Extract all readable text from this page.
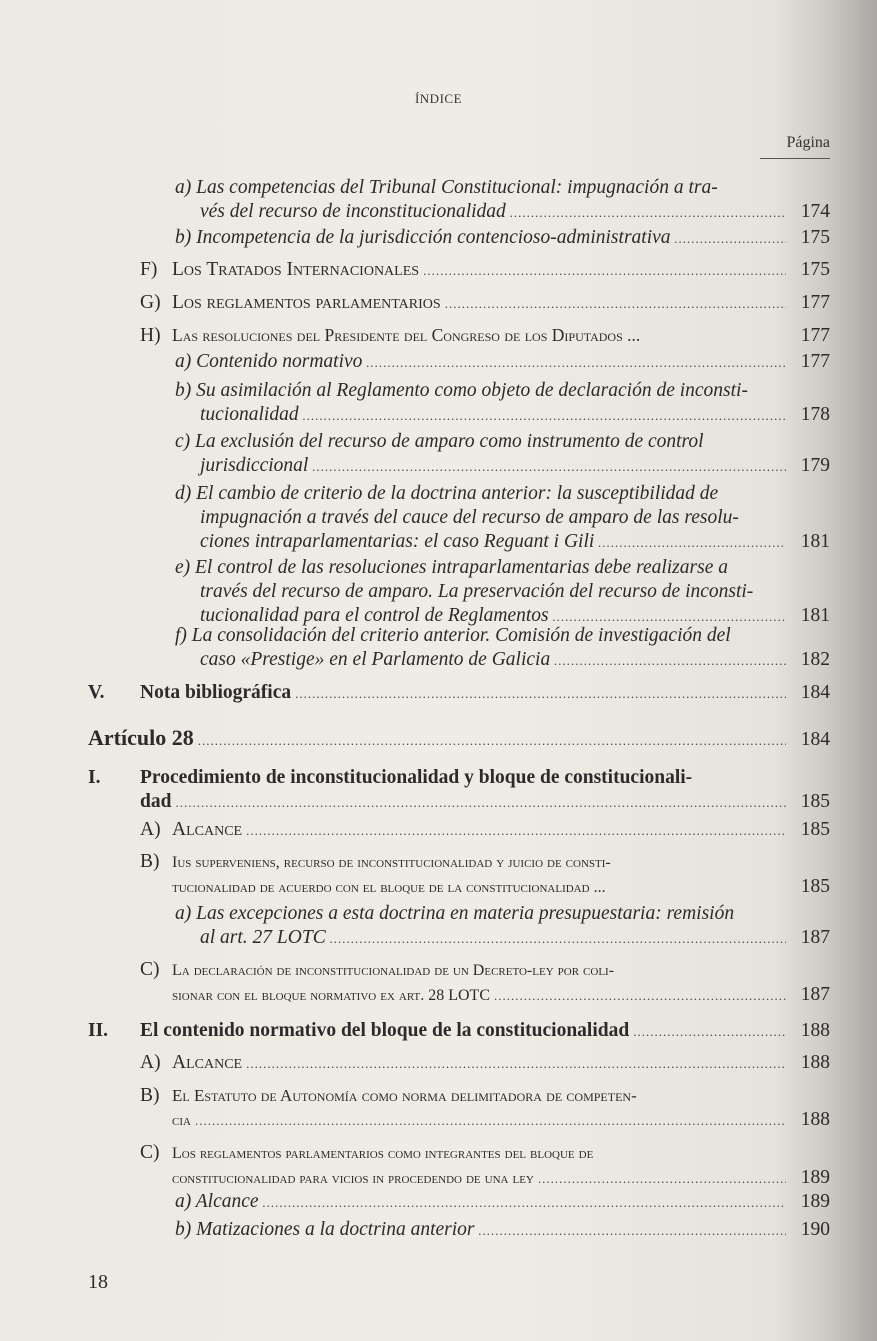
ÍNDICE
Página
a) Las competencias del Tribunal Constitucional: impugnación a tra-
vés del recurso de inconstitucionalidad .....	174
b) Incompetencia de la jurisdicción contencioso-administrativa .....	175
F) Los Tratados Internacionales .....	175
G) Los reglamentos parlamentarios .....	177
H) Las resoluciones del Presidente del Congreso de los Diputados ...	177
a) Contenido normativo .....	177
b) Su asimilación al Reglamento como objeto de declaración de inconsti-
tucionalidad .....	178
c) La exclusión del recurso de amparo como instrumento de control
jurisdiccional .....	179
d) El cambio de criterio de la doctrina anterior: la susceptibilidad de
impugnación a través del cauce del recurso de amparo de las resolu-
ciones intraparlamentarias: el caso Reguant i Gili .....	181
e) El control de las resoluciones intraparlamentarias debe realizarse a
través del recurso de amparo. La preservación del recurso de inconsti-
tucionalidad para el control de Reglamentos .....	181
f) La consolidación del criterio anterior. Comisión de investigación del
caso «Prestige» en el Parlamento de Galicia .....	182
V.	Nota bibliográfica .....	184
Artículo 28 .....	184
I.	Procedimiento de inconstitucionalidad y bloque de constitucionali-
dad .....	185
A) Alcance .....	185
B) Ius superveniens, recurso de inconstitucionalidad y juicio de consti-
tucionalidad de acuerdo con el bloque de la constitucionalidad ...	185
a) Las excepciones a esta doctrina en materia presupuestaria: remisión
al art. 27 LOTC .....	187
C) La declaración de inconstitucionalidad de un Decreto-ley por coli-
sionar con el bloque normativo ex art. 28 LOTC .....	187
II.	El contenido normativo del bloque de la constitucionalidad .....	188
A) Alcance .....	188
B) El Estatuto de Autonomía como norma delimitadora de competen-
cia .....	188
C) Los reglamentos parlamentarios como integrantes del bloque de
constitucionalidad para vicios in procedendo de una ley .....	189
a) Alcance .....	189
b) Matizaciones a la doctrina anterior .....	190
18
